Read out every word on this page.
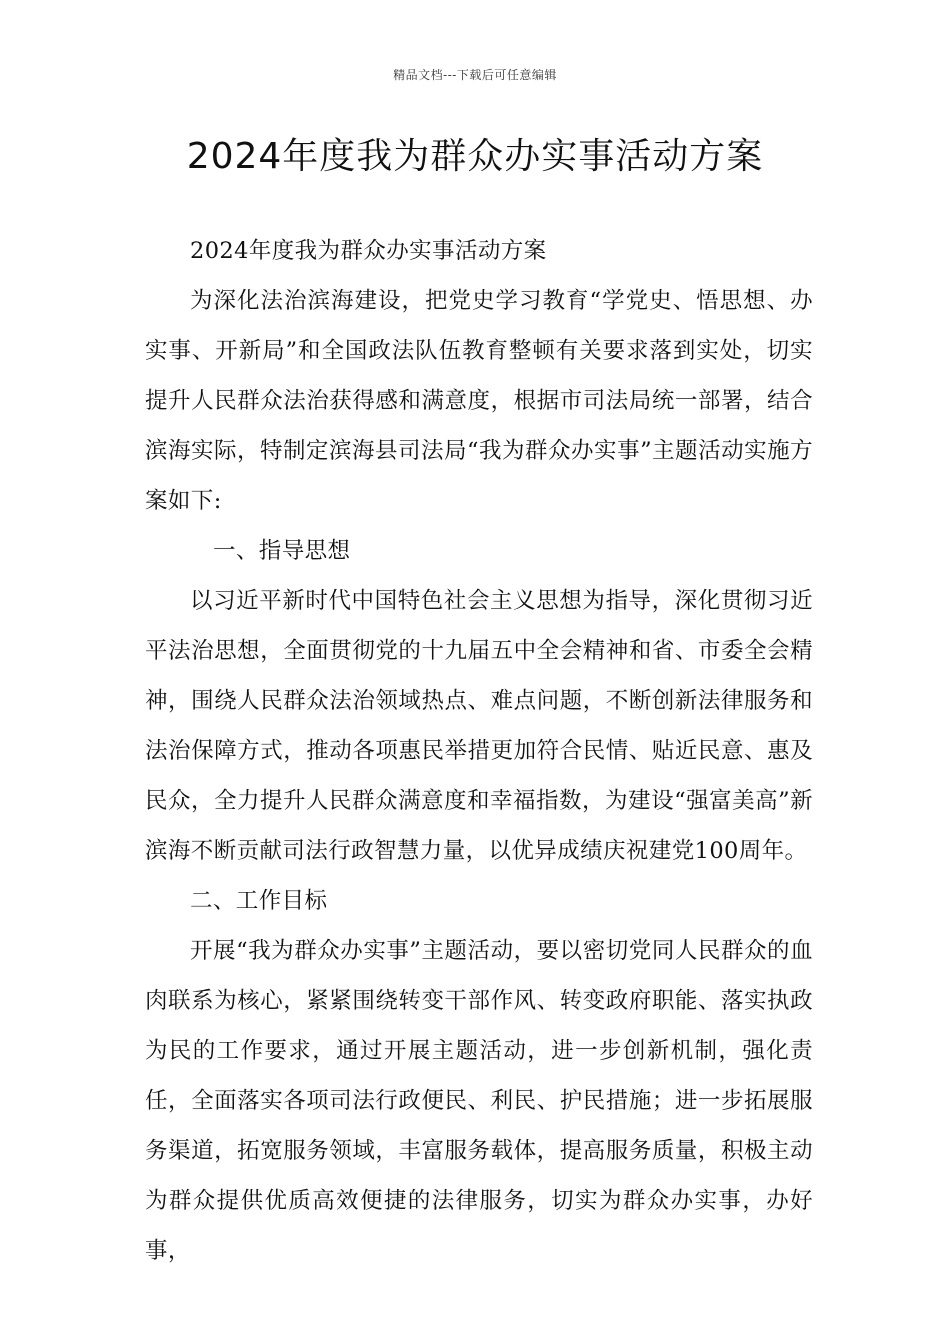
精品文档---下载后可任意编辑
2024年度我为群众办实事活动方案

2024年度我为群众办实事活动方案

为深化法治滨海建设，把党史学习教育“学党史、悟思想、办实事、开新局”和全国政法队伍教育整顿有关要求落到实处，切实提升人民群众法治获得感和满意度，根据市司法局统一部署，结合滨海实际，特制定滨海县司法局“我为群众办实事”主题活动实施方案如下:

一、指导思想

以习近平新时代中国特色社会主义思想为指导，深化贯彻习近平法治思想，全面贯彻党的十九届五中全会精神和省、市委全会精神，围绕人民群众法治领域热点、难点问题，不断创新法律服务和法治保障方式，推动各项惠民举措更加符合民情、贴近民意、惠及民众，全力提升人民群众满意度和幸福指数，为建设“强富美高”新滨海不断贡献司法行政智慧力量，以优异成绩庆祝建党100周年。

二、工作目标

开展“我为群众办实事”主题活动，要以密切党同人民群众的血肉联系为核心，紧紧围绕转变干部作风、转变政府职能、落实执政为民的工作要求，通过开展主题活动，进一步创新机制，强化责任，全面落实各项司法行政便民、利民、护民措施；进一步拓展服务渠道，拓宽服务领域，丰富服务载体，提高服务质量，积极主动为群众提供优质高效便捷的法律服务，切实为群众办实事，办好事，
